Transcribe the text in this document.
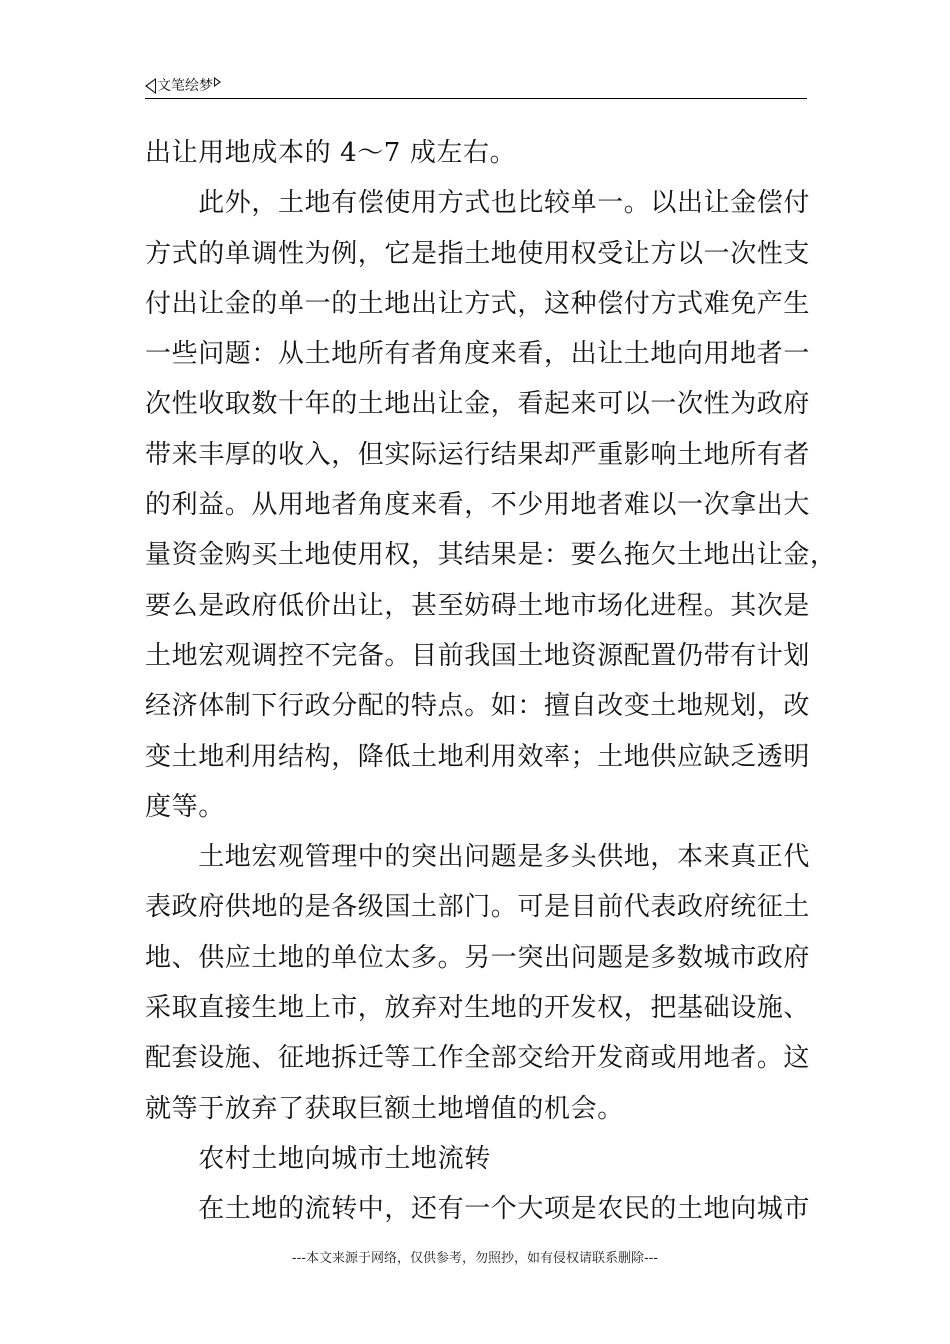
文笔绘梦
出让用地成本的 4～7 成左右。
　　此外，土地有偿使用方式也比较单一。以出让金偿付
方式的单调性为例，它是指土地使用权受让方以一次性支
付出让金的单一的土地出让方式，这种偿付方式难免产生
一些问题：从土地所有者角度来看，出让土地向用地者一
次性收取数十年的土地出让金，看起来可以一次性为政府
带来丰厚的收入，但实际运行结果却严重影响土地所有者
的利益。从用地者角度来看，不少用地者难以一次拿出大
量资金购买土地使用权，其结果是：要么拖欠土地出让金，
要么是政府低价出让，甚至妨碍土地市场化进程。其次是
土地宏观调控不完备。目前我国土地资源配置仍带有计划
经济体制下行政分配的特点。如：擅自改变土地规划，改
变土地利用结构，降低土地利用效率；土地供应缺乏透明
度等。
　　土地宏观管理中的突出问题是多头供地，本来真正代
表政府供地的是各级国土部门。可是目前代表政府统征土
地、供应土地的单位太多。另一突出问题是多数城市政府
采取直接生地上市，放弃对生地的开发权，把基础设施、
配套设施、征地拆迁等工作全部交给开发商或用地者。这
就等于放弃了获取巨额土地增值的机会。
　　农村土地向城市土地流转
　　在土地的流转中，还有一个大项是农民的土地向城市
---本文来源于网络，仅供参考，勿照抄，如有侵权请联系删除---
